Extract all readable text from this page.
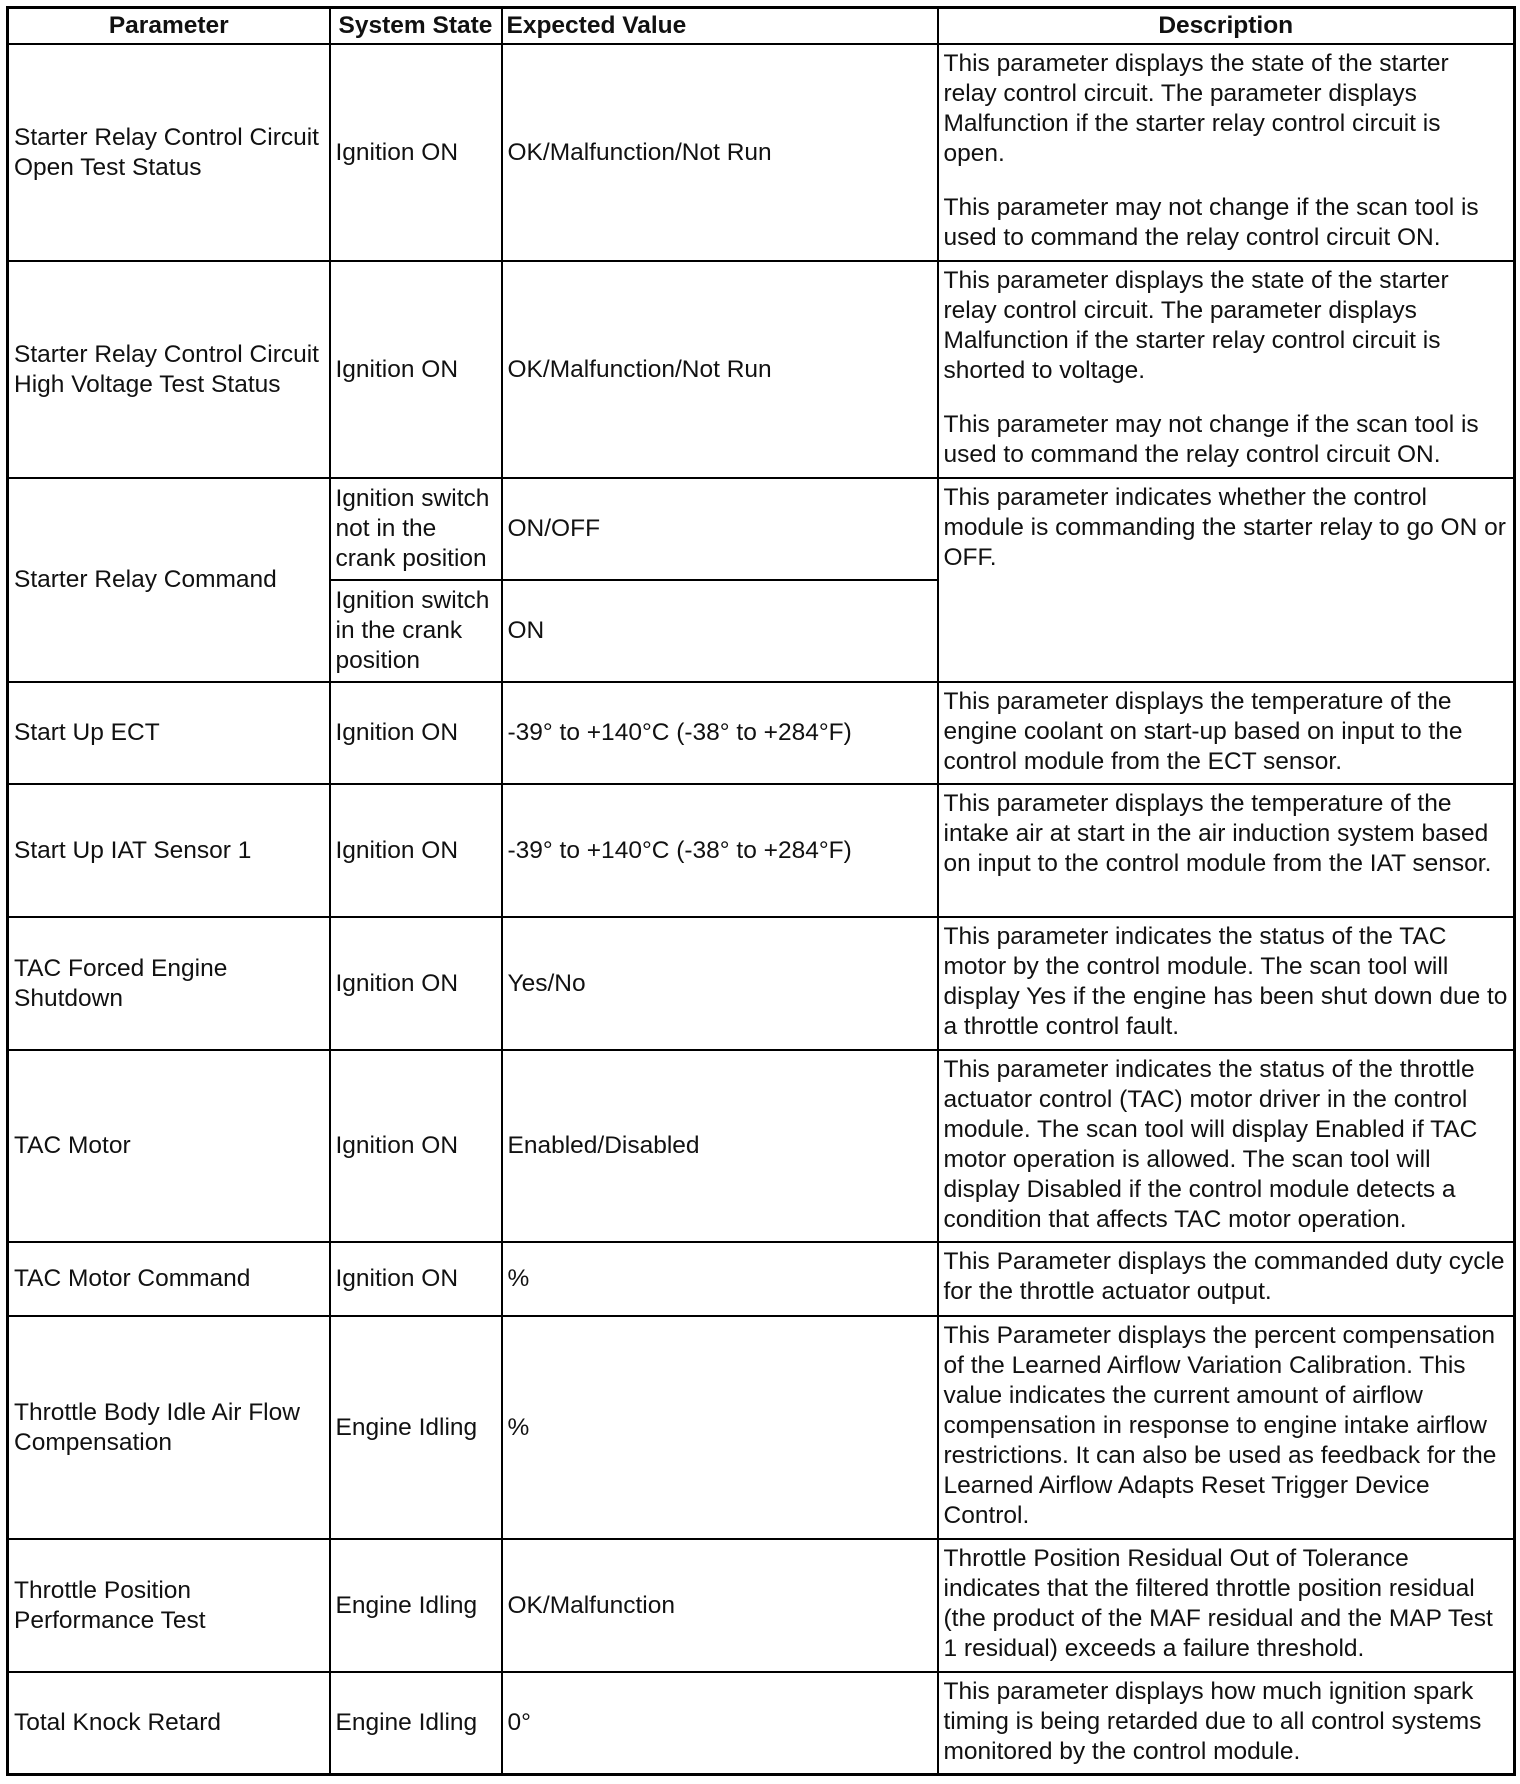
Parameter	System State	Expected Value	Description
Starter Relay Control Circuit Open Test Status	Ignition ON	OK/Malfunction/Not Run	This parameter displays the state of the starter relay control circuit. The parameter displays Malfunction if the starter relay control circuit is open.

This parameter may not change if the scan tool is used to command the relay control circuit ON.

Starter Relay Control Circuit High Voltage Test Status	Ignition ON	OK/Malfunction/Not Run	This parameter displays the state of the starter relay control circuit. The parameter displays Malfunction if the starter relay control circuit is shorted to voltage.

This parameter may not change if the scan tool is used to command the relay control circuit ON.

Starter Relay Command	Ignition switch not in the crank position	ON/OFF	This parameter indicates whether the control module is commanding the starter relay to go ON or OFF.

	Ignition switch in the crank position	ON	
Start Up ECT	Ignition ON	-39° to +140°C (-38° to +284°F)	This parameter displays the temperature of the engine coolant on start-up based on input to the control module from the ECT sensor.

Start Up IAT Sensor 1	Ignition ON	-39° to +140°C (-38° to +284°F)	This parameter displays the temperature of the intake air at start in the air induction system based on input to the control module from the IAT sensor.

TAC Forced Engine Shutdown	Ignition ON	Yes/No	This parameter indicates the status of the TAC motor by the control module. The scan tool will display Yes if the engine has been shut down due to a throttle control fault.

TAC Motor	Ignition ON	Enabled/Disabled	This parameter indicates the status of the throttle actuator control (TAC) motor driver in the control module. The scan tool will display Enabled if TAC motor operation is allowed. The scan tool will display Disabled if the control module detects a condition that affects TAC motor operation.

TAC Motor Command	Ignition ON	%	This Parameter displays the commanded duty cycle for the throttle actuator output.

Throttle Body Idle Air Flow Compensation	Engine Idling	%	This Parameter displays the percent compensation of the Learned Airflow Variation Calibration. This value indicates the current amount of airflow compensation in response to engine intake airflow restrictions. It can also be used as feedback for the Learned Airflow Adapts Reset Trigger Device Control.

Throttle Position Performance Test	Engine Idling	OK/Malfunction	Throttle Position Residual Out of Tolerance indicates that the filtered throttle position residual (the product of the MAF residual and the MAP Test 1 residual) exceeds a failure threshold.

Total Knock Retard	Engine Idling	0°	This parameter displays how much ignition spark timing is being retarded due to all control systems monitored by the control module.
